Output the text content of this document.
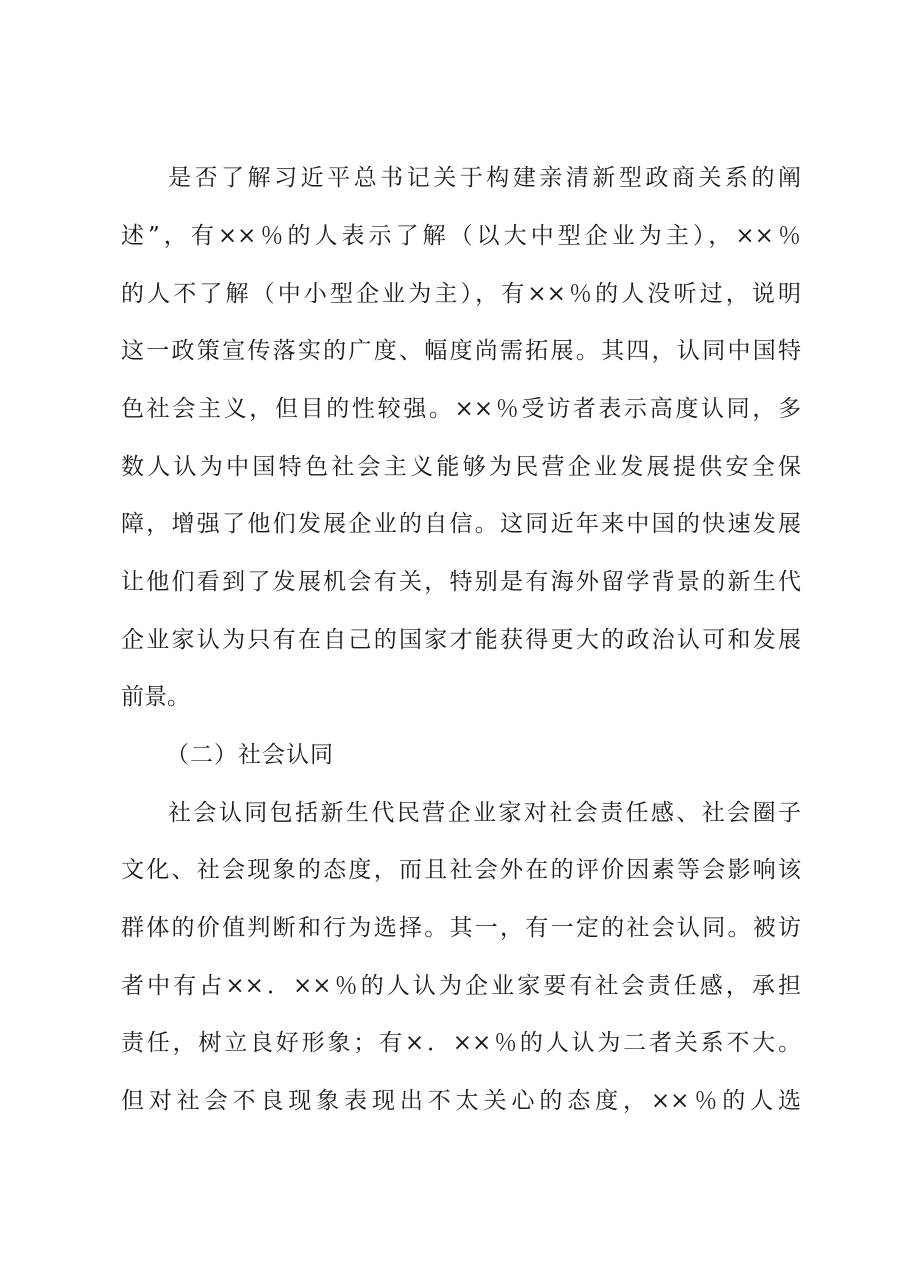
是否了解习近平总书记关于构建亲清新型政商关系的阐
述”，有××％的人表示了解（以大中型企业为主），××％
的人不了解（中小型企业为主），有××％的人没听过，说明
这一政策宣传落实的广度、幅度尚需拓展。其四，认同中国特
色社会主义，但目的性较强。××％受访者表示高度认同，多
数人认为中国特色社会主义能够为民营企业发展提供安全保
障，增强了他们发展企业的自信。这同近年来中国的快速发展
让他们看到了发展机会有关，特别是有海外留学背景的新生代
企业家认为只有在自己的国家才能获得更大的政治认可和发展
前景。
（二）社会认同
社会认同包括新生代民营企业家对社会责任感、社会圈子
文化、社会现象的态度，而且社会外在的评价因素等会影响该
群体的价值判断和行为选择。其一，有一定的社会认同。被访
者中有占××．××％的人认为企业家要有社会责任感，承担
责任，树立良好形象；有×．××％的人认为二者关系不大。
但对社会不良现象表现出不太关心的态度，××％的人选
